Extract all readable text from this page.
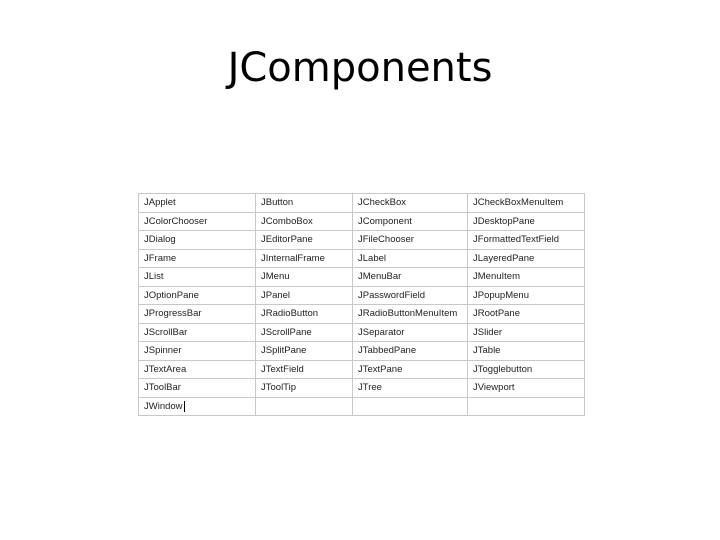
JComponents
JApplet	JButton	JCheckBox	JCheckBoxMenuItem
JColorChooser	JComboBox	JComponent	JDesktopPane
JDialog	JEditorPane	JFileChooser	JFormattedTextField
JFrame	JInternalFrame	JLabel	JLayeredPane
JList	JMenu	JMenuBar	JMenuItem
JOptionPane	JPanel	JPasswordField	JPopupMenu
JProgressBar	JRadioButton	JRadioButtonMenuItem	JRootPane
JScrollBar	JScrollPane	JSeparator	JSlider
JSpinner	JSplitPane	JTabbedPane	JTable
JTextArea	JTextField	JTextPane	JTogglebutton
JToolBar	JToolTip	JTree	JViewport
JWindow			
